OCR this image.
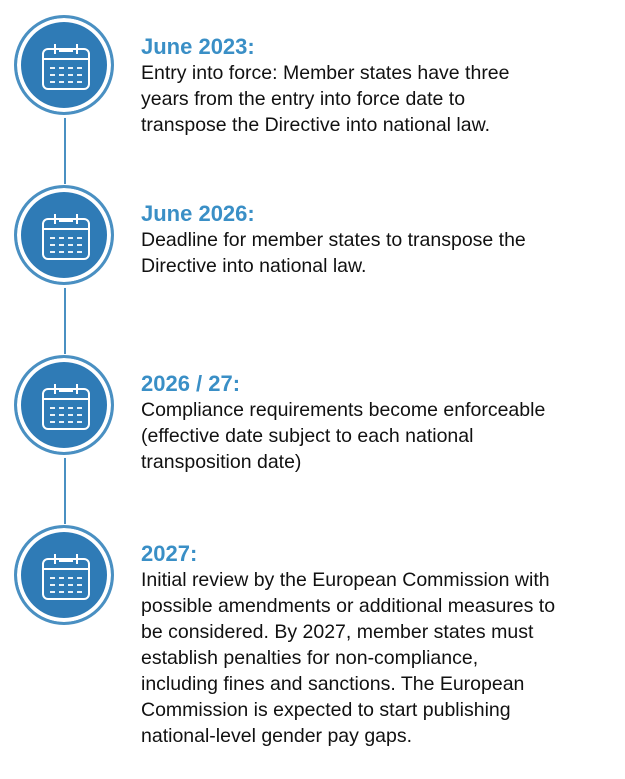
June 2023:
Entry into force: Member states have three
years from the entry into force date to
transpose the Directive into national law.
June 2026:
Deadline for member states to transpose the
Directive into national law.
2026 / 27:
Compliance requirements become enforceable
(effective date subject to each national
transposition date)
2027:
Initial review by the European Commission with
possible amendments or additional measures to
be considered. By 2027, member states must
establish penalties for non-compliance,
including fines and sanctions. The European
Commission is expected to start publishing
national-level gender pay gaps.
